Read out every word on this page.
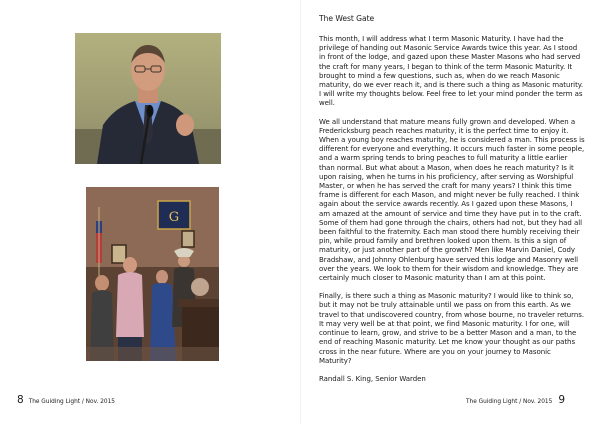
G
8 The Guiding Light / Nov. 2015
The West Gate

This month, I will address what I term Masonic Maturity. I have had the privilege of handing out Masonic Service Awards twice this year. As I stood in front of the lodge, and gazed upon these Master Masons who had served the craft for many years, I began to think of the term Masonic Maturity. It brought to mind a few questions, such as, when do we reach Masonic maturity, do we ever reach it, and is there such a thing as Masonic maturity. I will write my thoughts below. Feel free to let your mind ponder the term as well.

We all understand that mature means fully grown and developed. When a Fredericksburg peach reaches maturity, it is the perfect time to enjoy it. When a young boy reaches maturity, he is considered a man. This process is different for everyone and everything. It occurs much faster in some people, and a warm spring tends to bring peaches to full maturity a little earlier than normal. But what about a Mason, when does he reach maturity? Is it upon raising, when he turns in his proficiency, after serving as Worshipful Master, or when he has served the craft for many years? I think this time frame is different for each Mason, and might never be fully reached. I think again about the service awards recently. As I gazed upon these Masons, I am amazed at the amount of service and time they have put in to the craft. Some of them had gone through the chairs, others had not, but they had all been faithful to the fraternity. Each man stood there humbly receiving their pin, while proud family and brethren looked upon them. Is this a sign of maturity, or just another part of the growth? Men like Marvin Daniel, Cody Bradshaw, and Johnny Ohlenburg have served this lodge and Masonry well over the years. We look to them for their wisdom and knowledge. They are certainly much closer to Masonic maturity than I am at this point.

Finally, is there such a thing as Masonic maturity? I would like to think so, but it may not be truly attainable until we pass on from this earth. As we travel to that undiscovered country, from whose bourne, no traveler returns. It may very well be at that point, we find Masonic maturity. I for one, will continue to learn, grow, and strive to be a better Mason and a man, to the end of reaching Masonic maturity. Let me know your thought as our paths cross in the near future. Where are you on your journey to Masonic Maturity?

Randall S. King, Senior Warden

The Guiding Light / Nov. 2015 9
